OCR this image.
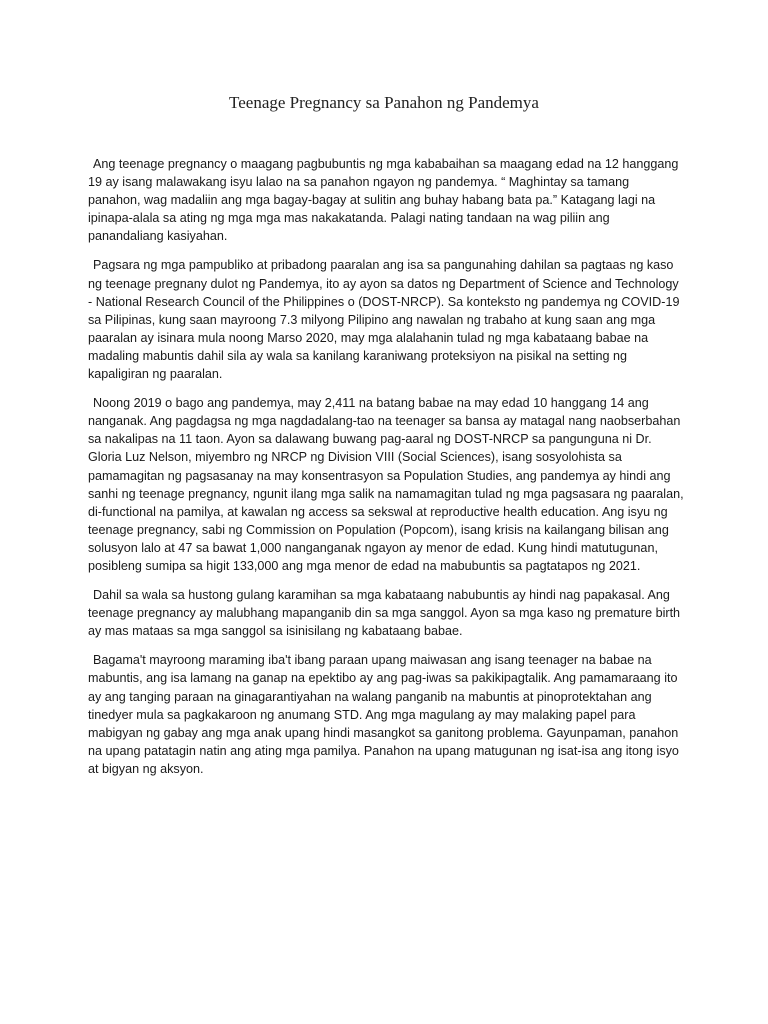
Teenage Pregnancy sa Panahon ng Pandemya

Ang teenage pregnancy o maagang pagbubuntis ng mga kababaihan sa maagang edad na 12 hanggang 19 ay isang malawakang isyu lalao na sa panahon ngayon ng pandemya. “ Maghintay sa tamang panahon, wag madaliin ang mga bagay-bagay at sulitin ang buhay habang bata pa.” Katagang lagi na ipinapa-alala sa ating ng mga mga mas nakakatanda. Palagi nating tandaan na wag piliin ang panandaliang kasiyahan.

Pagsara ng mga pampubliko at pribadong paaralan ang isa sa pangunahing dahilan sa pagtaas ng kaso ng teenage pregnany dulot ng Pandemya, ito ay ayon sa datos ng Department of Science and Technology - National Research Council of the Philippines o (DOST-NRCP). Sa konteksto ng pandemya ng COVID-19 sa Pilipinas, kung saan mayroong 7.3 milyong Pilipino ang nawalan ng trabaho at kung saan ang mga paaralan ay isinara mula noong Marso 2020, may mga alalahanin tulad ng mga kabataang babae na madaling mabuntis dahil sila ay wala sa kanilang karaniwang proteksiyon na pisikal na setting ng kapaligiran ng paaralan.

Noong 2019 o bago ang pandemya, may 2,411 na batang babae na may edad 10 hanggang 14 ang nanganak. Ang pagdagsa ng mga nagdadalang-tao na teenager sa bansa ay matagal nang naobserbahan sa nakalipas na 11 taon. Ayon sa dalawang buwang pag-aaral ng DOST-NRCP sa pangunguna ni Dr. Gloria Luz Nelson, miyembro ng NRCP ng Division VIII (Social Sciences), isang sosyolohista sa pamamagitan ng pagsasanay na may konsentrasyon sa Population Studies, ang pandemya ay hindi ang sanhi ng teenage pregnancy, ngunit ilang mga salik na namamagitan tulad ng mga pagsasara ng paaralan, di-functional na pamilya, at kawalan ng access sa sekswal at reproductive health education. Ang isyu ng teenage pregnancy, sabi ng Commission on Population (Popcom), isang krisis na kailangang bilisan ang solusyon lalo at 47 sa bawat 1,000 nanganganak ngayon ay menor de edad. Kung hindi matutugunan, posibleng sumipa sa higit 133,000 ang mga menor de edad na mabubuntis sa pagtatapos ng 2021.

Dahil sa wala sa hustong gulang karamihan sa mga kabataang nabubuntis ay hindi nag papakasal. Ang teenage pregnancy ay malubhang mapanganib din sa mga sanggol. Ayon sa mga kaso ng premature birth ay mas mataas sa mga sanggol sa isinisilang ng kabataang babae.

Bagama't mayroong maraming iba't ibang paraan upang maiwasan ang isang teenager na babae na mabuntis, ang isa lamang na ganap na epektibo ay ang pag-iwas sa pakikipagtalik. Ang pamamaraang ito ay ang tanging paraan na ginagarantiyahan na walang panganib na mabuntis at pinoprotektahan ang tinedyer mula sa pagkakaroon ng anumang STD. Ang mga magulang ay may malaking papel para mabigyan ng gabay ang mga anak upang hindi masangkot sa ganitong problema. Gayunpaman, panahon na upang patatagin natin ang ating mga pamilya. Panahon na upang matugunan ng isat-isa ang itong isyo at bigyan ng aksyon.
